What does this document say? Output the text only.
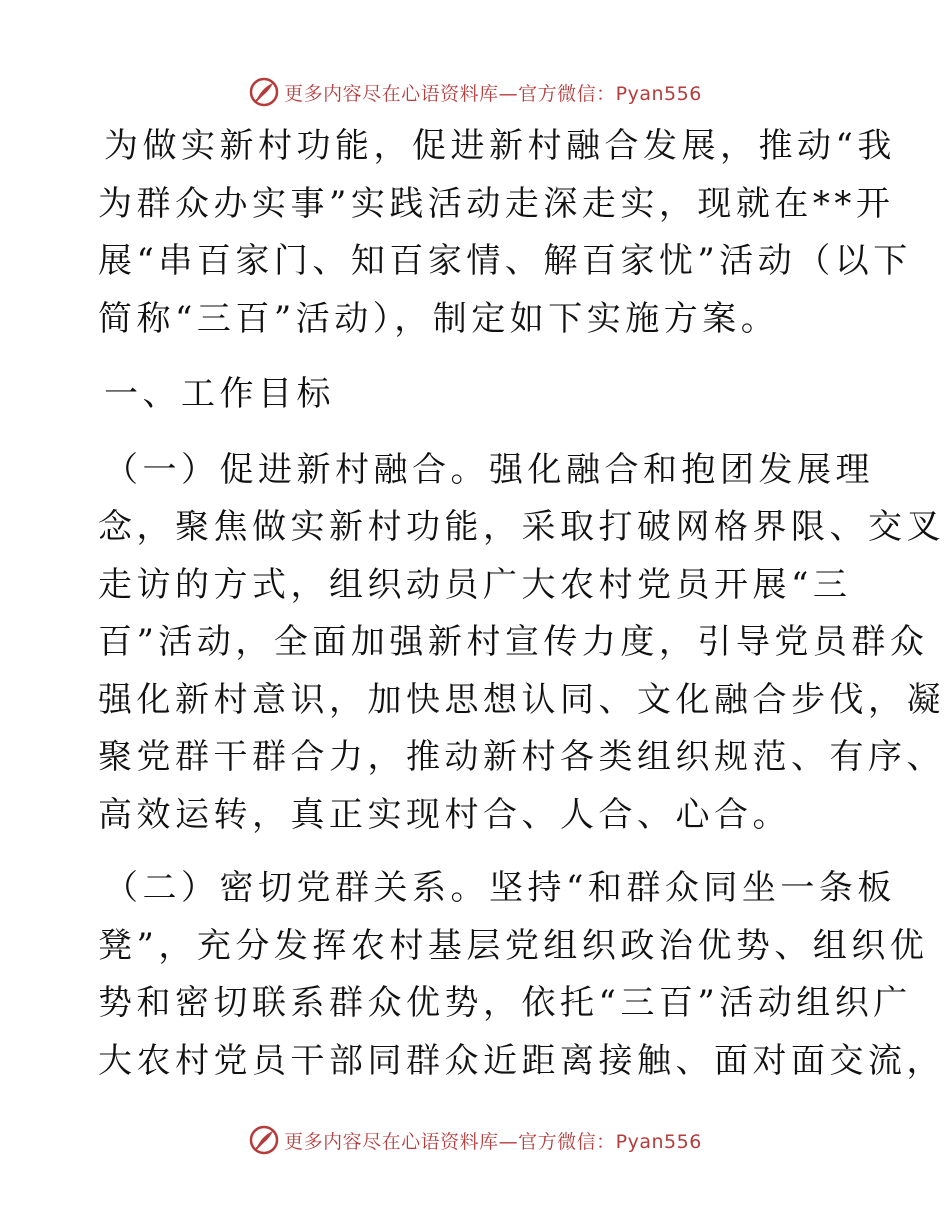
更多内容尽在心语资料库—官方微信：Pyan556

为做实新村功能，促进新村融合发展，推动“我
为群众办实事”实践活动走深走实，现就在**开
展“串百家门、知百家情、解百家忧”活动（以下
简称“三百”活动），制定如下实施方案。

一、工作目标

（一）促进新村融合。强化融合和抱团发展理
念，聚焦做实新村功能，采取打破网格界限、交叉
走访的方式，组织动员广大农村党员开展“三
百”活动，全面加强新村宣传力度，引导党员群众
强化新村意识，加快思想认同、文化融合步伐，凝
聚党群干群合力，推动新村各类组织规范、有序、
高效运转，真正实现村合、人合、心合。

（二）密切党群关系。坚持“和群众同坐一条板
凳”，充分发挥农村基层党组织政治优势、组织优
势和密切联系群众优势，依托“三百”活动组织广
大农村党员干部同群众近距离接触、面对面交流，

更多内容尽在心语资料库—官方微信：Pyan556
